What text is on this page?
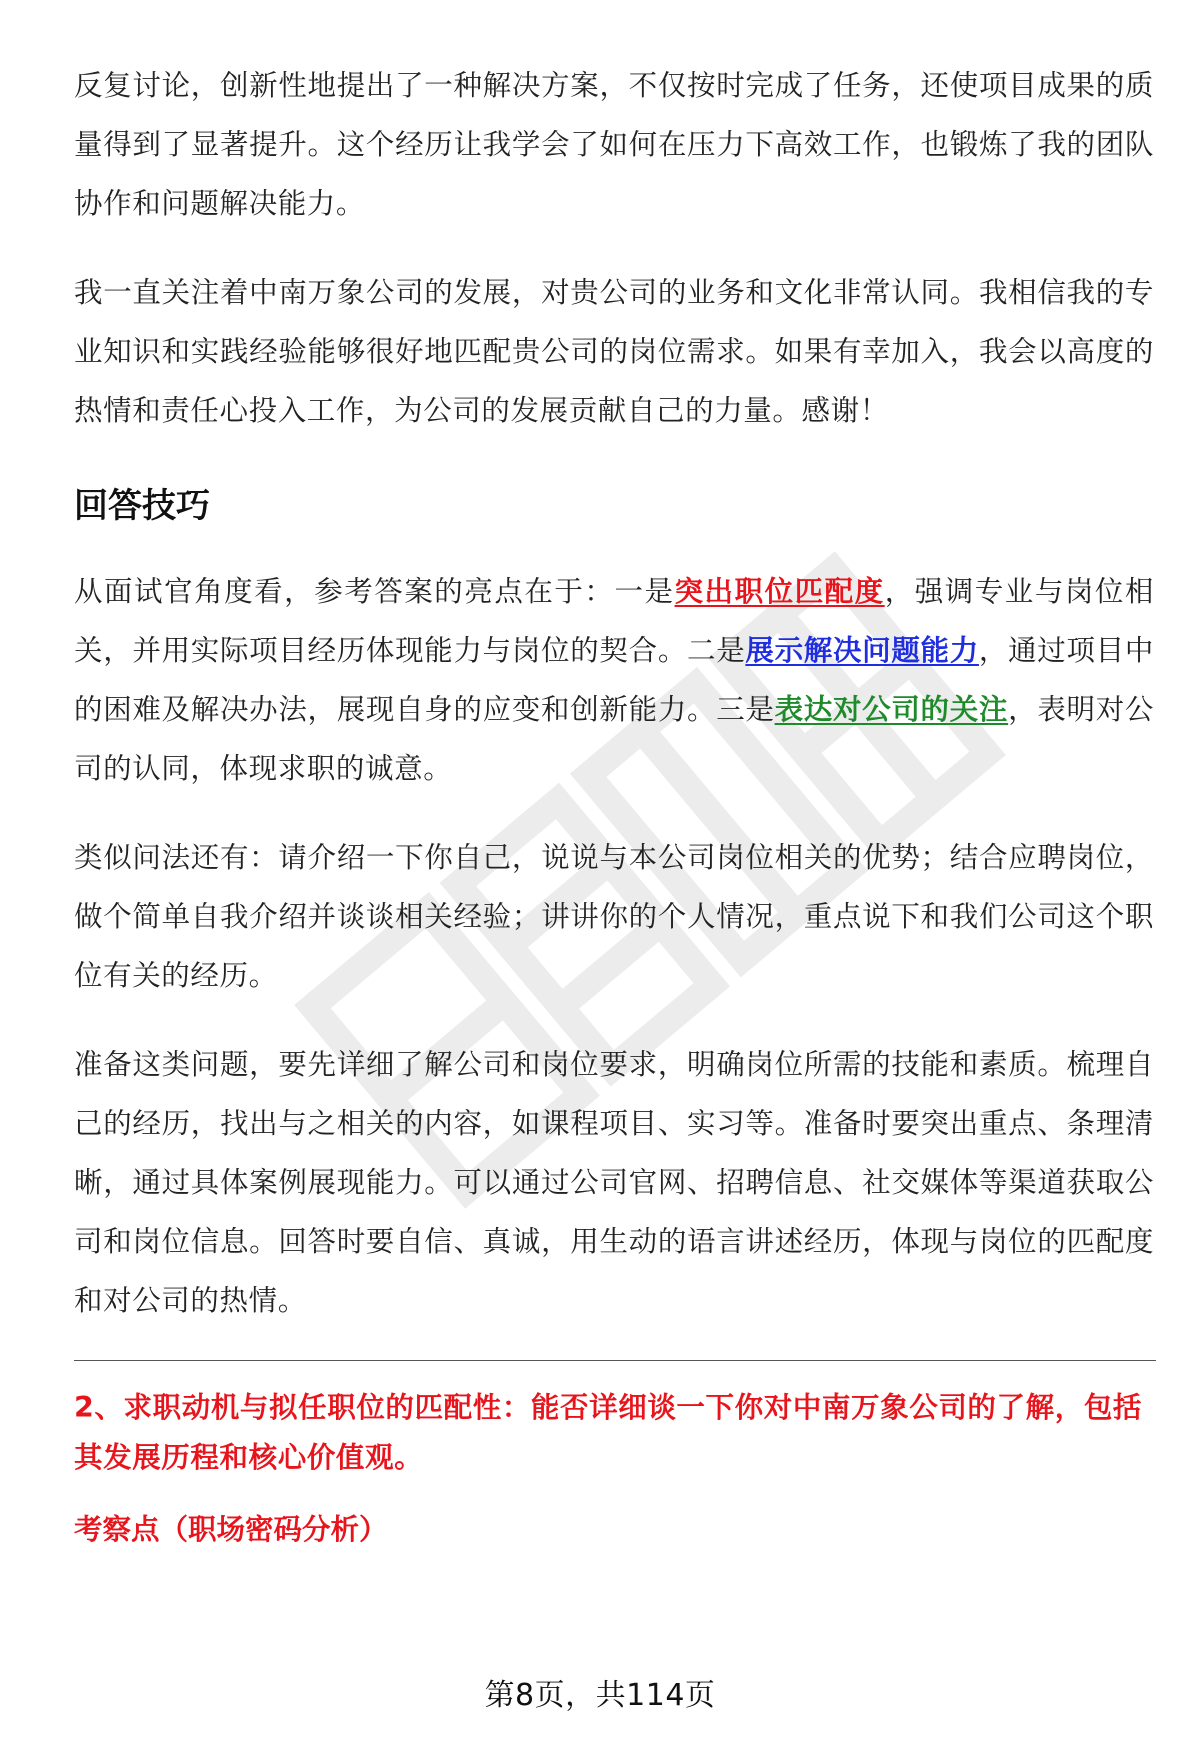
反复讨论，创新性地提出了一种解决方案，不仅按时完成了任务，还使项目成果的质量得到了显著提升。这个经历让我学会了如何在压力下高效工作，也锻炼了我的团队协作和问题解决能力。

我一直关注着中南万象公司的发展，对贵公司的业务和文化非常认同。我相信我的专业知识和实践经验能够很好地匹配贵公司的岗位需求。如果有幸加入，我会以高度的热情和责任心投入工作，为公司的发展贡献自己的力量。感谢！

回答技巧

从面试官角度看，参考答案的亮点在于：一是突出职位匹配度，强调专业与岗位相关，并用实际项目经历体现能力与岗位的契合。二是展示解决问题能力，通过项目中的困难及解决办法，展现自身的应变和创新能力。三是表达对公司的关注，表明对公司的认同，体现求职的诚意。

类似问法还有：请介绍一下你自己，说说与本公司岗位相关的优势；结合应聘岗位，做个简单自我介绍并谈谈相关经验；讲讲你的个人情况，重点说下和我们公司这个职位有关的经历。

准备这类问题，要先详细了解公司和岗位要求，明确岗位所需的技能和素质。梳理自己的经历，找出与之相关的内容，如课程项目、实习等。准备时要突出重点、条理清晰，通过具体案例展现能力。可以通过公司官网、招聘信息、社交媒体等渠道获取公司和岗位信息。回答时要自信、真诚，用生动的语言讲述经历，体现与岗位的匹配度和对公司的热情。

2、求职动机与拟任职位的匹配性：能否详细谈一下你对中南万象公司的了解，包括其发展历程和核心价值观。

考察点（职场密码分析）

第8页，共114页
